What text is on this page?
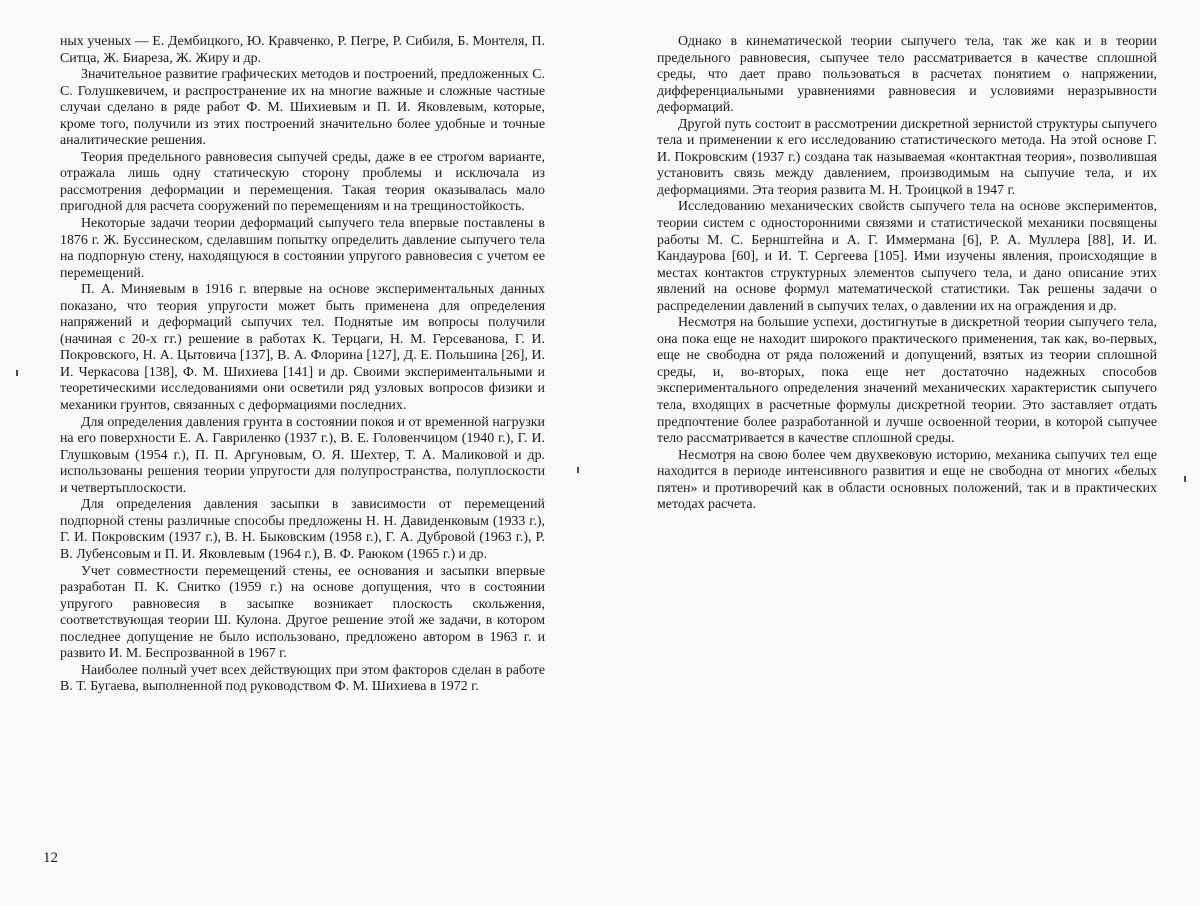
ных ученых — Е. Дембицкого, Ю. Кравченко, Р. Пегре, Р. Сибиля, Б. Монтеля, П. Ситца, Ж. Биареза, Ж. Жиру и др.

Значительное развитие графических методов и построений, предложенных С. С. Голушкевичем, и распространение их на многие важные и сложные частные случаи сделано в ряде работ Ф. М. Шихиевым и П. И. Яковлевым, которые, кроме того, получили из этих построений значительно более удобные и точные аналитические решения.

Теория предельного равновесия сыпучей среды, даже в ее строгом варианте, отражала лишь одну статическую сторону проблемы и исключала из рассмотрения деформации и перемещения. Такая теория оказывалась мало пригодной для расчета сооружений по перемещениям и на трещиностойкость.

Некоторые задачи теории деформаций сыпучего тела впервые поставлены в 1876 г. Ж. Буссинеском, сделавшим попытку определить давление сыпучего тела на подпорную стену, находящуюся в состоянии упругого равновесия с учетом ее перемещений.

П. А. Миняевым в 1916 г. впервые на основе экспериментальных данных показано, что теория упругости может быть применена для определения напряжений и деформаций сыпучих тел. Поднятые им вопросы получили (начиная с 20-х гг.) решение в работах К. Терцаги, Н. М. Герсеванова, Г. И. Покровского, Н. А. Цытовича [137], В. А. Флорина [127], Д. Е. Польшина [26], И. И. Черкасова [138], Ф. М. Шихиева [141] и др. Своими экспериментальными и теоретическими исследованиями они осветили ряд узловых вопросов физики и механики грунтов, связанных с деформациями последних.

Для определения давления грунта в состоянии покоя и от временной нагрузки на его поверхности Е. А. Гавриленко (1937 г.), В. Е. Головенчицом (1940 г.), Г. И. Глушковым (1954 г.), П. П. Аргуновым, О. Я. Шехтер, Т. А. Маликовой и др. использованы решения теории упругости для полупространства, полуплоскости и четвертьплоскости.

Для определения давления засыпки в зависимости от перемещений подпорной стены различные способы предложены Н. Н. Давиденковым (1933 г.), Г. И. Покровским (1937 г.), В. Н. Быковским (1958 г.), Г. А. Дубровой (1963 г.), Р. В. Лубенсовым и П. И. Яковлевым (1964 г.), В. Ф. Раюком (1965 г.) и др.

Учет совместности перемещений стены, ее основания и засыпки впервые разработан П. К. Снитко (1959 г.) на основе допущения, что в состоянии упругого равновесия в засыпке возникает плоскость скольжения, соответствующая теории Ш. Кулона. Другое решение этой же задачи, в котором последнее допущение не было использовано, предложено автором в 1963 г. и развито И. М. Беспрозванной в 1967 г.

Наиболее полный учет всех действующих при этом факторов сделан в работе В. Т. Бугаева, выполненной под руководством Ф. М. Шихиева в 1972 г.

12

Однако в кинематической теории сыпучего тела, так же как и в теории предельного равновесия, сыпучее тело рассматривается в качестве сплошной среды, что дает право пользоваться в расчетах понятием о напряжении, дифференциальными уравнениями равновесия и условиями неразрывности деформаций.

Другой путь состоит в рассмотрении дискретной зернистой структуры сыпучего тела и применении к его исследованию статистического метода. На этой основе Г. И. Покровским (1937 г.) создана так называемая «контактная теория», позволившая установить связь между давлением, производимым на сыпучие тела, и их деформациями. Эта теория развита М. Н. Троицкой в 1947 г.

Исследованию механических свойств сыпучего тела на основе экспериментов, теории систем с односторонними связями и статистической механики посвящены работы М. С. Бернштейна и А. Г. Иммермана [6], Р. А. Муллера [88], И. И. Кандаурова [60], и И. Т. Сергеева [105]. Ими изучены явления, происходящие в местах контактов структурных элементов сыпучего тела, и дано описание этих явлений на основе формул математической статистики. Так решены задачи о распределении давлений в сыпучих телах, о давлении их на ограждения и др.

Несмотря на большие успехи, достигнутые в дискретной теории сыпучего тела, она пока еще не находит широкого практического применения, так как, во-первых, еще не свободна от ряда положений и допущений, взятых из теории сплошной среды, и, во-вторых, пока еще нет достаточно надежных способов экспериментального определения значений механических характеристик сыпучего тела, входящих в расчетные формулы дискретной теории. Это заставляет отдать предпочтение более разработанной и лучше освоенной теории, в которой сыпучее тело рассматривается в качестве сплошной среды.

Несмотря на свою более чем двухвековую историю, механика сыпучих тел еще находится в периоде интенсивного развития и еще не свободна от многих «белых пятен» и противоречий как в области основных положений, так и в практических методах расчета.
